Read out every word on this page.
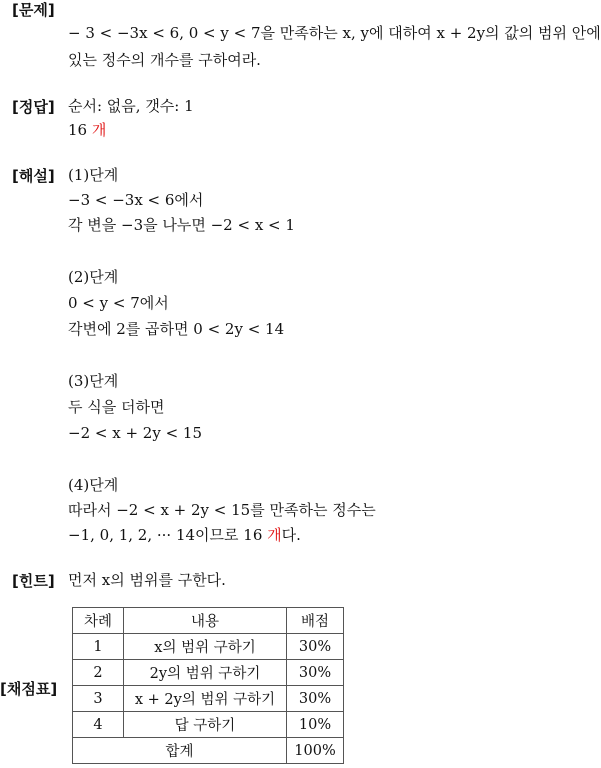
[문제]
[정답]
[해설]
[힌트]
[채점표]
− 3 < −3x < 6, 0 < y < 7을 만족하는 x, y에 대하여 x + 2y의 값의 범위 안에
있는 정수의 개수를 구하여라.
순서: 없음, 갯수: 1
16 개
(1)단계
−3 < −3x < 6에서
각 변을 −3을 나누면 −2 < x < 1
(2)단계
0 < y < 7에서
각변에 2를 곱하면 0 < 2y < 14
(3)단계
두 식을 더하면
−2 < x + 2y < 15
(4)단계
따라서 −2 < x + 2y < 15를 만족하는 정수는
−1, 0, 1, 2, ··· 14이므로 16 개다.
먼저 x의 범위를 구한다.
차례	내용	배점
1	x의 범위 구하기	30%
2	2y의 범위 구하기	30%
3	x + 2y의 범위 구하기	30%
4	답 구하기	10%
합계		100%
